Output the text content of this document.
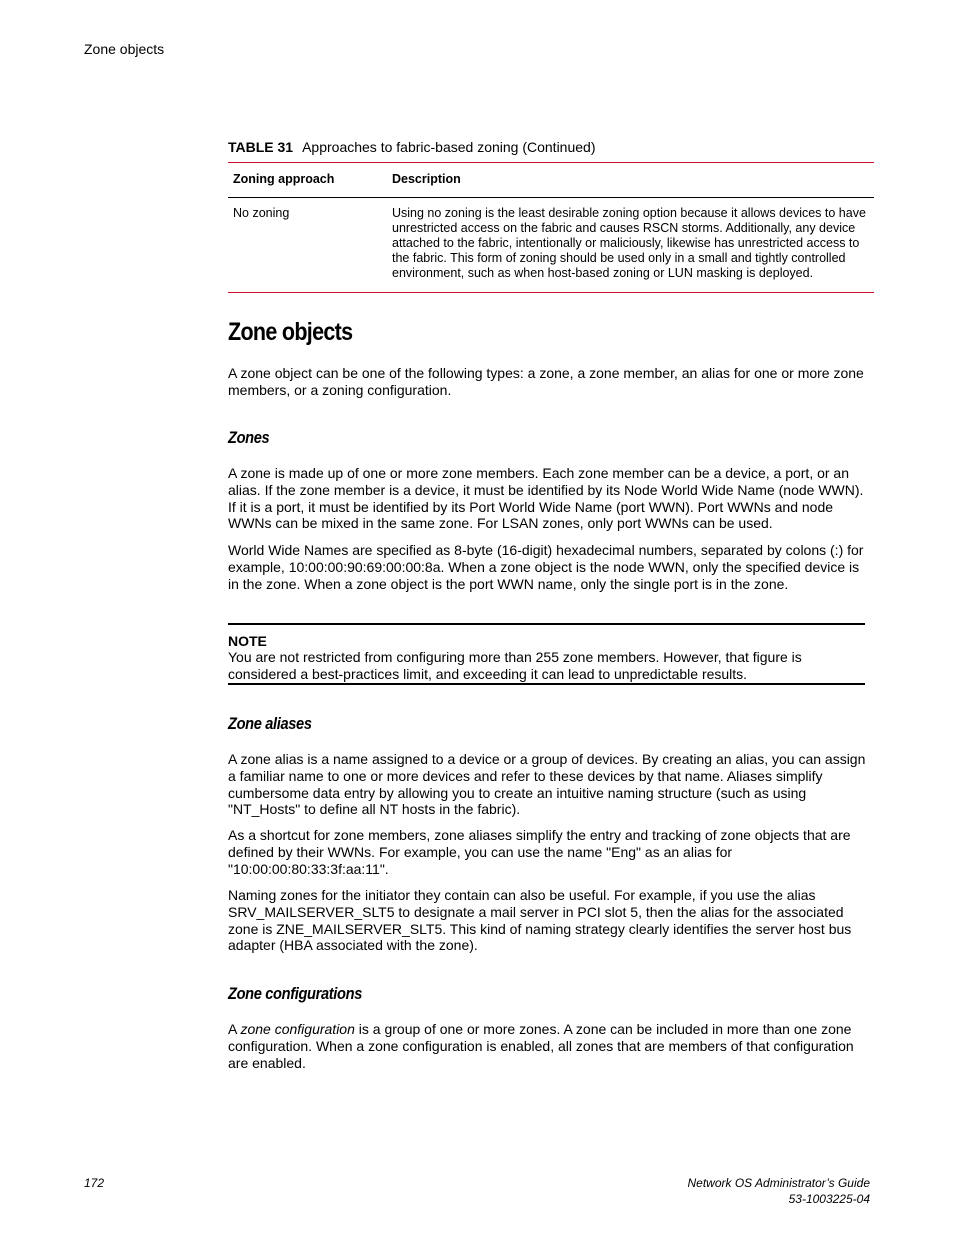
Zone objects
TABLE 31 Approaches to fabric-based zoning (Continued)
Zoning approach	Description
No zoning	Using no zoning is the least desirable zoning option because it allows devices to have unrestricted access on the fabric and causes RSCN storms. Additionally, any device attached to the fabric, intentionally or maliciously, likewise has unrestricted access to the fabric. This form of zoning should be used only in a small and tightly controlled environment, such as when host-based zoning or LUN masking is deployed.
Zone objects
A zone object can be one of the following types: a zone, a zone member, an alias for one or more zone members, or a zoning configuration.
Zones
A zone is made up of one or more zone members. Each zone member can be a device, a port, or an alias. If the zone member is a device, it must be identified by its Node World Wide Name (node WWN). If it is a port, it must be identified by its Port World Wide Name (port WWN). Port WWNs and node WWNs can be mixed in the same zone. For LSAN zones, only port WWNs can be used.
World Wide Names are specified as 8-byte (16-digit) hexadecimal numbers, separated by colons (:) for example, 10:00:00:90:69:00:00:8a. When a zone object is the node WWN, only the specified device is in the zone. When a zone object is the port WWN name, only the single port is in the zone.
NOTE
You are not restricted from configuring more than 255 zone members. However, that figure is considered a best-practices limit, and exceeding it can lead to unpredictable results.
Zone aliases
A zone alias is a name assigned to a device or a group of devices. By creating an alias, you can assign a familiar name to one or more devices and refer to these devices by that name. Aliases simplify cumbersome data entry by allowing you to create an intuitive naming structure (such as using "NT_Hosts" to define all NT hosts in the fabric).
As a shortcut for zone members, zone aliases simplify the entry and tracking of zone objects that are defined by their WWNs. For example, you can use the name "Eng" as an alias for "10:00:00:80:33:3f:aa:11".
Naming zones for the initiator they contain can also be useful. For example, if you use the alias SRV_MAILSERVER_SLT5 to designate a mail server in PCI slot 5, then the alias for the associated zone is ZNE_MAILSERVER_SLT5. This kind of naming strategy clearly identifies the server host bus adapter (HBA associated with the zone).
Zone configurations
A zone configuration is a group of one or more zones. A zone can be included in more than one zone configuration. When a zone configuration is enabled, all zones that are members of that configuration are enabled.
172	Network OS Administrator’s Guide
53-1003225-04
